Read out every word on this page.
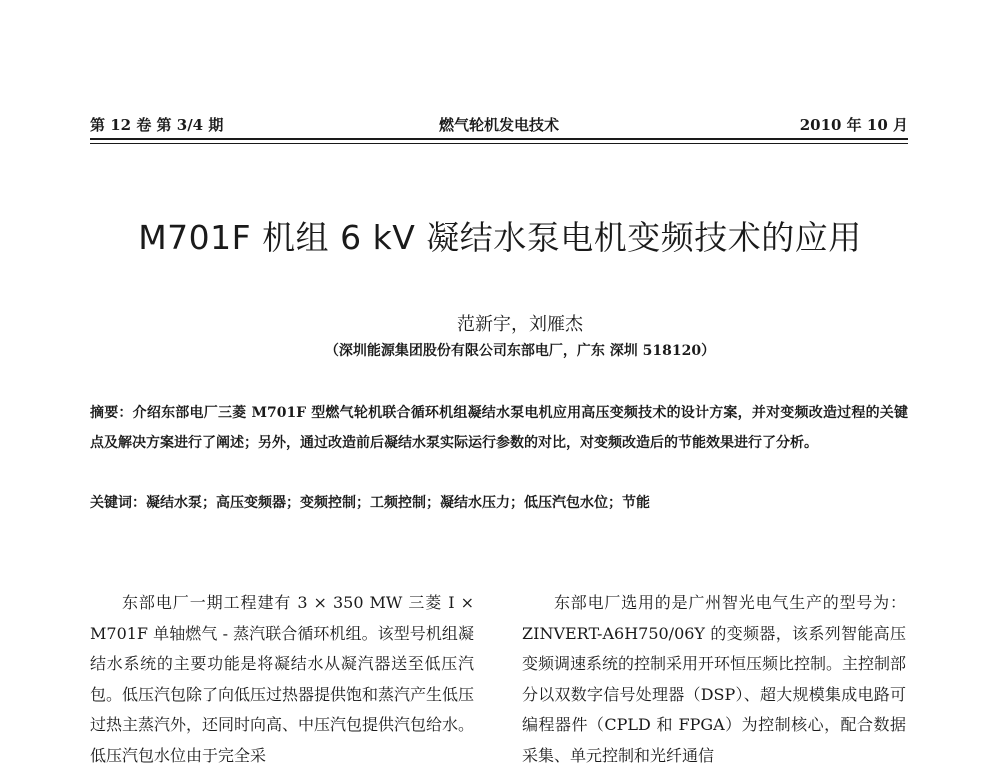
第 12 卷 第 3/4 期	燃气轮机发电技术	2010 年 10 月
M701F 机组 6 kV 凝结水泵电机变频技术的应用
范新宇，刘雁杰
（深圳能源集团股份有限公司东部电厂，广东 深圳 518120）
摘要：介绍东部电厂三菱 M701F 型燃气轮机联合循环机组凝结水泵电机应用高压变频技术的设计方案，并对变频改造过程的关键点及解决方案进行了阐述；另外，通过改造前后凝结水泵实际运行参数的对比，对变频改造后的节能效果进行了分析。
关键词：凝结水泵；高压变频器；变频控制；工频控制；凝结水压力；低压汽包水位；节能
东部电厂一期工程建有 3 × 350 MW 三菱 I × M701F 单轴燃气 - 蒸汽联合循环机组。该型号机组凝结水系统的主要功能是将凝结水从凝汽器送至低压汽包。低压汽包除了向低压过热器提供饱和蒸汽产生低压过热主蒸汽外，还同时向高、中压汽包提供汽包给水。低压汽包水位由于完全采
东部电厂选用的是广州智光电气生产的型号为：ZINVERT-A6H750/06Y 的变频器，该系列智能高压变频调速系统的控制采用开环恒压频比控制。主控制部分以双数字信号处理器（DSP）、超大规模集成电路可编程器件（CPLD 和 FPGA）为控制核心，配合数据采集、单元控制和光纤通信
